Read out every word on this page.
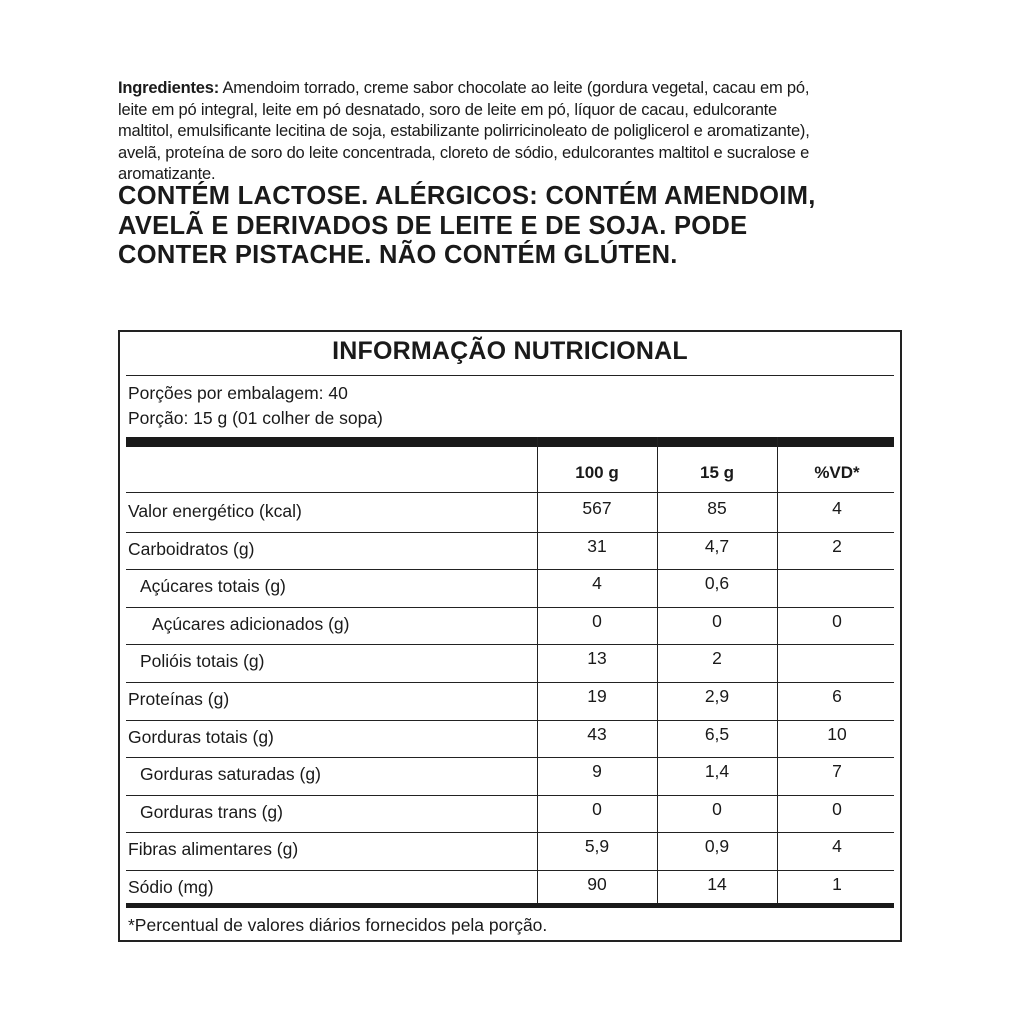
Ingredientes: Amendoim torrado, creme sabor chocolate ao leite (gordura vegetal, cacau em pó, leite em pó integral, leite em pó desnatado, soro de leite em pó, líquor de cacau, edulcorante maltitol, emulsificante lecitina de soja, estabilizante polirricinoleato de poliglicerol e aromatizante), avelã, proteína de soro do leite concentrada, cloreto de sódio, edulcorantes maltitol e sucralose e aromatizante.
CONTÉM LACTOSE. ALÉRGICOS: CONTÉM AMENDOIM, AVELÃ E DERIVADOS DE LEITE E DE SOJA. PODE CONTER PISTACHE. NÃO CONTÉM GLÚTEN.
INFORMAÇÃO NUTRICIONAL
Porções por embalagem: 40
Porção: 15 g (01 colher de sopa)
100 g	15 g	%VD*
Valor energético (kcal)	567	85	4
Carboidratos (g)	31	4,7	2
Açúcares totais (g)	4	0,6
Açúcares adicionados (g)	0	0	0
Polióis totais (g)	13	2
Proteínas (g)	19	2,9	6
Gorduras totais (g)	43	6,5	10
Gorduras saturadas (g)	9	1,4	7
Gorduras trans (g)	0	0	0
Fibras alimentares (g)	5,9	0,9	4
Sódio (mg)	90	14	1
*Percentual de valores diários fornecidos pela porção.
